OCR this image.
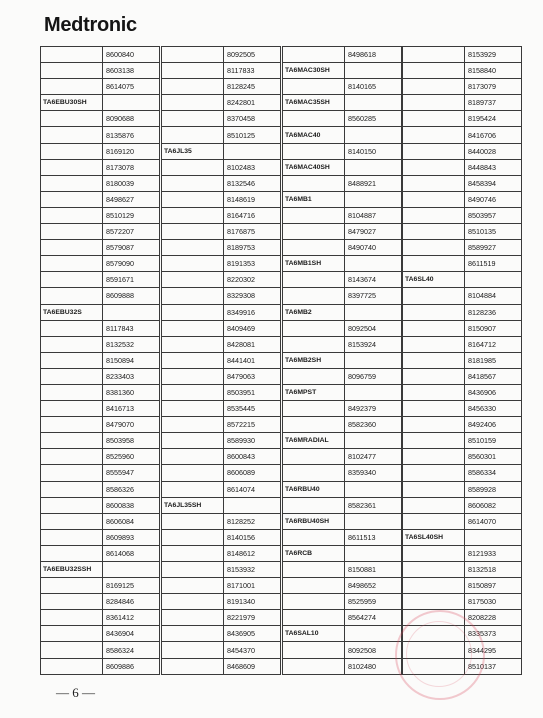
Medtronic
	8600840
	8603138
	8614075
TA6EBU30SH	
	8090688
	8135876
	8169120
	8173078
	8180039
	8498627
	8510129
	8572207
	8579087
	8579090
	8591671
	8609888
TA6EBU32S	
	8117843
	8132532
	8150894
	8233403
	8381360
	8416713
	8479070
	8503958
	8525960
	8555947
	8586326
	8600838
	8606084
	8609893
	8614068
TA6EBU32SSH	
	8169125
	8284846
	8361412
	8436904
	8586324
	8609886
	8092505
	8117833
	8128245
	8242801
	8370458
	8510125
TA6JL35	
	8102483
	8132546
	8148619
	8164716
	8176875
	8189753
	8191353
	8220302
	8329308
	8349916
	8409469
	8428081
	8441401
	8479063
	8503951
	8535445
	8572215
	8589930
	8600843
	8606089
	8614074
TA6JL35SH	
	8128252
	8140156
	8148612
	8153932
	8171001
	8191340
	8221979
	8436905
	8454370
	8468609
	8498618
TA6MAC30SH	
	8140165
TA6MAC35SH	
	8560285
TA6MAC40	
	8140150
TA6MAC40SH	
	8488921
TA6MB1	
	8104887
	8479027
	8490740
TA6MB1SH	
	8143674
	8397725
TA6MB2	
	8092504
	8153924
TA6MB2SH	
	8096759
TA6MPST	
	8492379
	8582360
TA6MRADIAL	
	8102477
	8359340
TA6RBU40	
	8582361
TA6RBU40SH	
	8611513
TA6RCB	
	8150881
	8498652
	8525959
	8564274
TA6SAL10	
	8092508
	8102480
	8153929
	8158840
	8173079
	8189737
	8195424
	8416706
	8440028
	8448843
	8458394
	8490746
	8503957
	8510135
	8589927
	8611519
TA6SL40	
	8104884
	8128236
	8150907
	8164712
	8181985
	8418567
	8436906
	8456330
	8492406
	8510159
	8560301
	8586334
	8589928
	8606082
	8614070
TA6SL40SH	
	8121933
	8132518
	8150897
	8175030
	8208228
	8335373
	8344295
	8510137
— 6 —
